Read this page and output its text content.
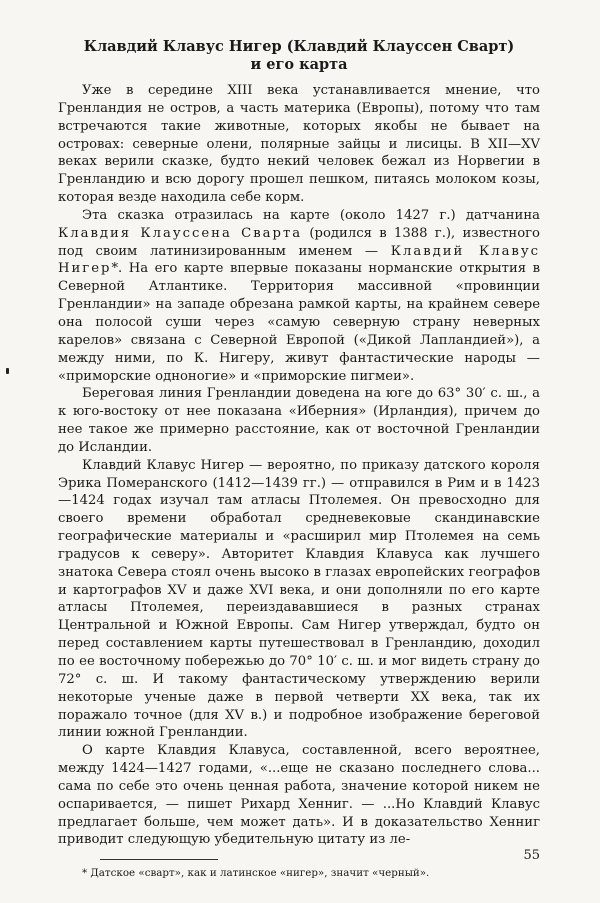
Клавдий Клавус Нигер (Клавдий Клауссен Сварт)
и его карта

Уже в середине XIII века устанавливается мнение, что Гренландия не остров, а часть материка (Европы), потому что там встречаются такие животные, которых якобы не бывает на островах: северные олени, полярные зайцы и лисицы. В XII—XV веках верили сказке, будто некий человек бежал из Норвегии в Гренландию и всю дорогу прошел пешком, питаясь молоком козы, которая везде находила себе корм.

Эта сказка отразилась на карте (около 1427 г.) датчанина Клавдия Клауссена Сварта (родился в 1388 г.), известного под своим латинизированным именем — Клавдий Клавус Нигер*. На его карте впервые показаны норманские открытия в Северной Атлантике. Территория массивной «провинции Гренландии» на западе обрезана рамкой карты, на крайнем севере она полосой суши через «самую северную страну неверных карелов» связана с Северной Европой («Дикой Лапландией»), а между ними, по К. Нигеру, живут фантастические народы — «приморские одноногие» и «приморские пигмеи».

Береговая линия Гренландии доведена на юге до 63° 30′ с. ш., а к юго-востоку от нее показана «Иберния» (Ирландия), причем до нее такое же примерно расстояние, как от восточной Гренландии до Исландии.

Клавдий Клавус Нигер — вероятно, по приказу датского короля Эрика Померанского (1412—1439 гг.) — отправился в Рим и в 1423—1424 годах изучал там атласы Птолемея. Он превосходно для своего времени обработал средневековые скандинавские географические материалы и «расширил мир Птолемея на семь градусов к северу». Авторитет Клавдия Клавуса как лучшего знатока Севера стоял очень высоко в глазах европейских географов и картографов XV и даже XVI века, и они дополняли по его карте атласы Птолемея, переиздававшиеся в разных странах Центральной и Южной Европы. Сам Нигер утверждал, будто он перед составлением карты путешествовал в Гренландию, доходил по ее восточному побережью до 70° 10′ с. ш. и мог видеть страну до 72° с. ш. И такому фантастическому утверждению верили некоторые ученые даже в первой четверти XX века, так их поражало точное (для XV в.) и подробное изображение береговой линии южной Гренландии.

О карте Клавдия Клавуса, составленной, всего вероятнее, между 1424—1427 годами, «...еще не сказано последнего слова... сама по себе это очень ценная работа, значение которой никем не оспаривается, — пишет Рихард Хенниг. — ...Но Клавдий Клавус предлагает больше, чем может дать». И в доказательство Хенниг приводит следующую убедительную цитату из ле-

* Датское «сварт», как и латинское «нигер», значит «черный».

55
